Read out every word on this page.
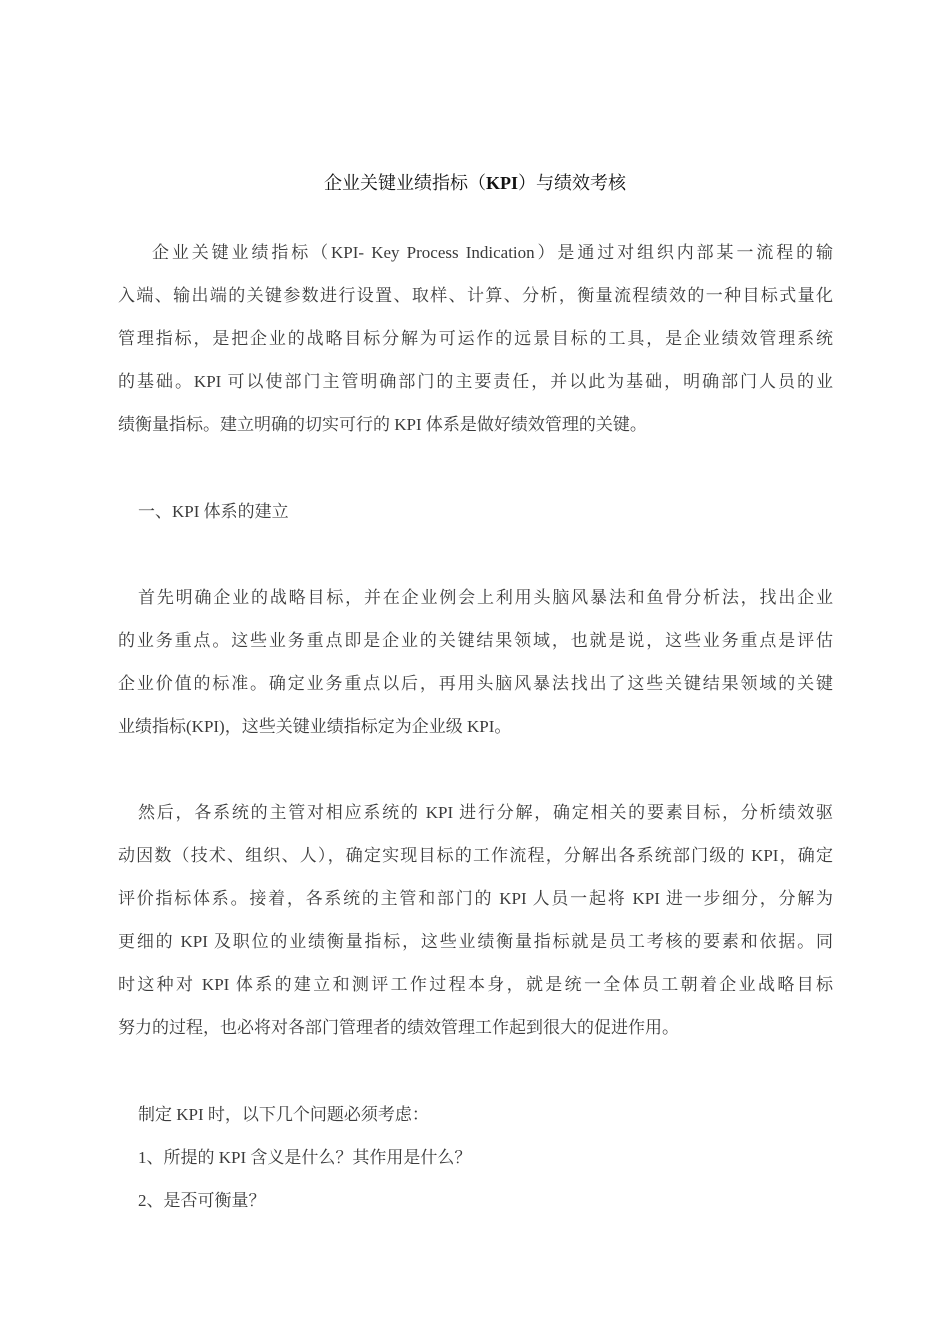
企业关键业绩指标（KPI）与绩效考核
企业关键业绩指标（KPI- Key Process Indication）是通过对组织内部某一流程的输
入端、输出端的关键参数进行设置、取样、计算、分析，衡量流程绩效的一种目标式量化
管理指标，是把企业的战略目标分解为可运作的远景目标的工具，是企业绩效管理系统
的基础。KPI 可以使部门主管明确部门的主要责任，并以此为基础，明确部门人员的业
绩衡量指标。建立明确的切实可行的 KPI 体系是做好绩效管理的关键。
一、KPI 体系的建立
首先明确企业的战略目标，并在企业例会上利用头脑风暴法和鱼骨分析法，找出企业
的业务重点。这些业务重点即是企业的关键结果领域，也就是说，这些业务重点是评估
企业价值的标准。确定业务重点以后，再用头脑风暴法找出了这些关键结果领域的关键
业绩指标(KPI)，这些关键业绩指标定为企业级 KPI。
然后，各系统的主管对相应系统的 KPI 进行分解，确定相关的要素目标，分析绩效驱
动因数（技术、组织、人），确定实现目标的工作流程，分解出各系统部门级的 KPI，确定
评价指标体系。接着，各系统的主管和部门的 KPI 人员一起将 KPI 进一步细分，分解为
更细的 KPI 及职位的业绩衡量指标，这些业绩衡量指标就是员工考核的要素和依据。同
时这种对 KPI 体系的建立和测评工作过程本身，就是统一全体员工朝着企业战略目标
努力的过程，也必将对各部门管理者的绩效管理工作起到很大的促进作用。
制定 KPI 时，以下几个问题必须考虑：
1、所提的 KPI 含义是什么？其作用是什么？
2、是否可衡量？
